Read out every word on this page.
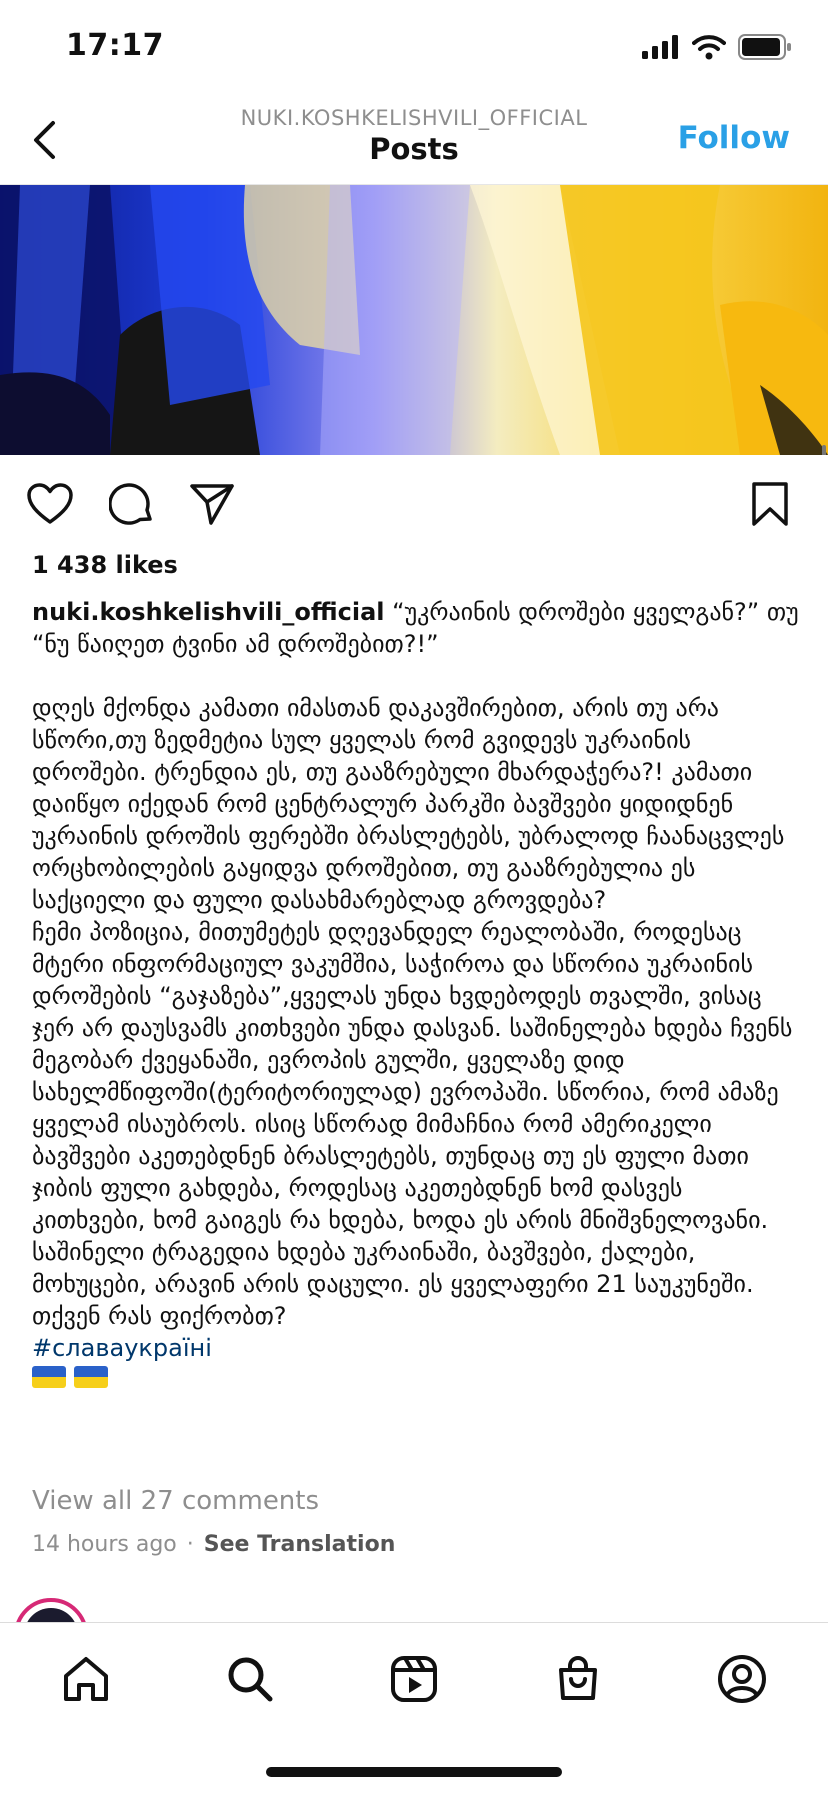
17:17
NUKI.KOSHKELISHVILI_OFFICIAL
Posts	Follow
1 438 likes

nuki.koshkelishvili_official “უკრაინის დროშები ყველგან?” თუ “ნუ წაიღეთ ტვინი ამ დროშებით?!”

დღეს მქონდა კამათი იმასთან დაკავშირებით, არის თუ არა სწორი,თუ ზედმეტია სულ ყველას რომ გვიდევს უკრაინის დროშები. ტრენდია ეს, თუ გააზრებული მხარდაჭერა?! კამათი დაიწყო იქედან რომ ცენტრალურ პარკში ბავშვები ყიდიდნენ უკრაინის დროშის ფერებში ბრასლეტებს, უბრალოდ ჩაანაცვლეს ორცხობილების გაყიდვა დროშებით, თუ გააზრებულია ეს საქციელი და ფული დასახმარებლად გროვდება?

ჩემი პოზიცია, მითუმეტეს დღევანდელ რეალობაში, როდესაც მტერი ინფორმაციულ ვაკუმშია, საჭიროა და სწორია უკრაინის დროშების “გაჯაზება”,ყველას უნდა ხვდებოდეს თვალში, ვისაც ჯერ არ დაუსვამს კითხვები უნდა დასვან. საშინელება ხდება ჩვენს მეგობარ ქვეყანაში, ევროპის გულში, ყველაზე დიდ სახელმწიფოში(ტერიტორიულად) ევროპაში. სწორია, რომ ამაზე ყველამ ისაუბროს. ისიც სწორად მიმაჩნია რომ ამერიკელი ბავშვები აკეთებდნენ ბრასლეტებს, თუნდაც თუ ეს ფული მათი ჯიბის ფული გახდება, როდესაც აკეთებდნენ ხომ დასვეს კითხვები, ხომ გაიგეს რა ხდება, ხოდა ეს არის მნიშვნელოვანი. საშინელი ტრაგედია ხდება უკრაინაში, ბავშვები, ქალები, მოხუცები, არავინ არის დაცული. ეს ყველაფერი 21 საუკუნეში. თქვენ რას ფიქრობთ?

#славаукраїні

View all 27 comments
14 hours ago · See Translation
